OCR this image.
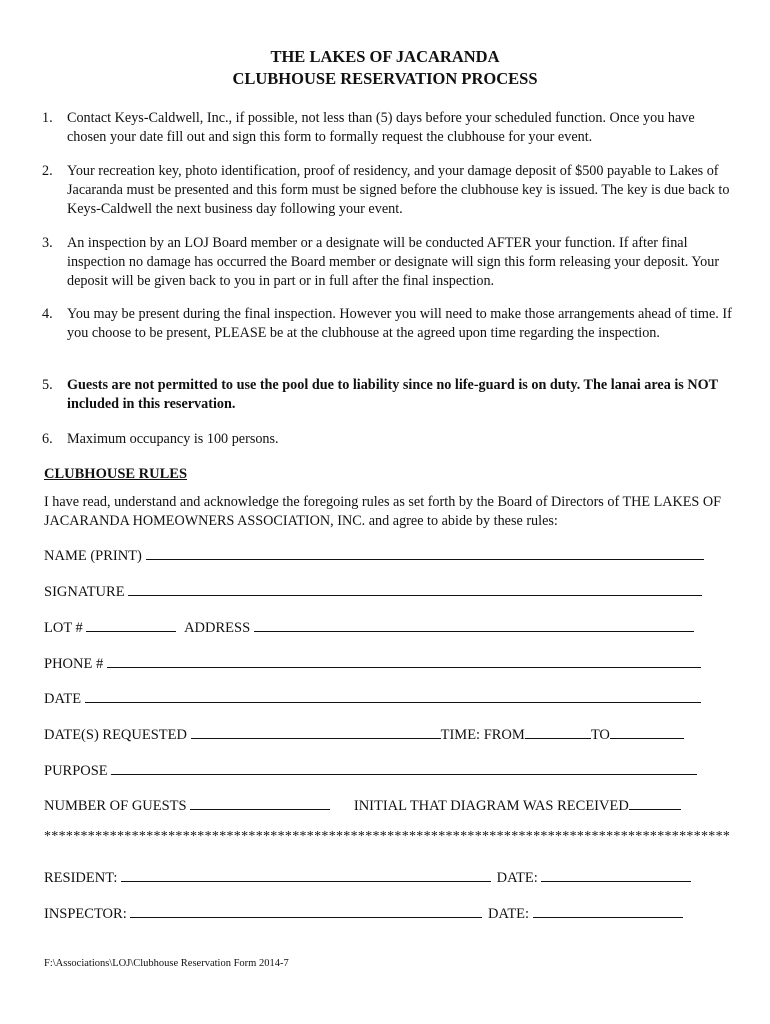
THE LAKES OF JACARANDA
CLUBHOUSE RESERVATION PROCESS
1. Contact Keys-Caldwell, Inc., if possible, not less than (5) days before your scheduled function. Once you have chosen your date fill out and sign this form to formally request the clubhouse for your event.
2. Your recreation key, photo identification, proof of residency, and your damage deposit of $500 payable to Lakes of Jacaranda must be presented and this form must be signed before the clubhouse key is issued. The key is due back to Keys-Caldwell the next business day following your event.
3. An inspection by an LOJ Board member or a designate will be conducted AFTER your function. If after final inspection no damage has occurred the Board member or designate will sign this form releasing your deposit. Your deposit will be given back to you in part or in full after the final inspection.
4. You may be present during the final inspection. However you will need to make those arrangements ahead of time. If you choose to be present, PLEASE be at the clubhouse at the agreed upon time regarding the inspection.
5. Guests are not permitted to use the pool due to liability since no life-guard is on duty. The lanai area is NOT included in this reservation.
6. Maximum occupancy is 100 persons.
CLUBHOUSE RULES
I have read, understand and acknowledge the foregoing rules as set forth by the Board of Directors of THE LAKES OF JACARANDA HOMEOWNERS ASSOCIATION, INC. and agree to abide by these rules:
NAME (PRINT)
SIGNATURE
LOT #	ADDRESS
PHONE #
DATE
DATE(S) REQUESTED	TIME: FROM	TO
PURPOSE
NUMBER OF GUESTS	INITIAL THAT DIAGRAM WAS RECEIVED
**********************************************************************************************
RESIDENT:	DATE:
INSPECTOR:	DATE:
F:\Associations\LOJ\Clubhouse Reservation Form 2014-7
